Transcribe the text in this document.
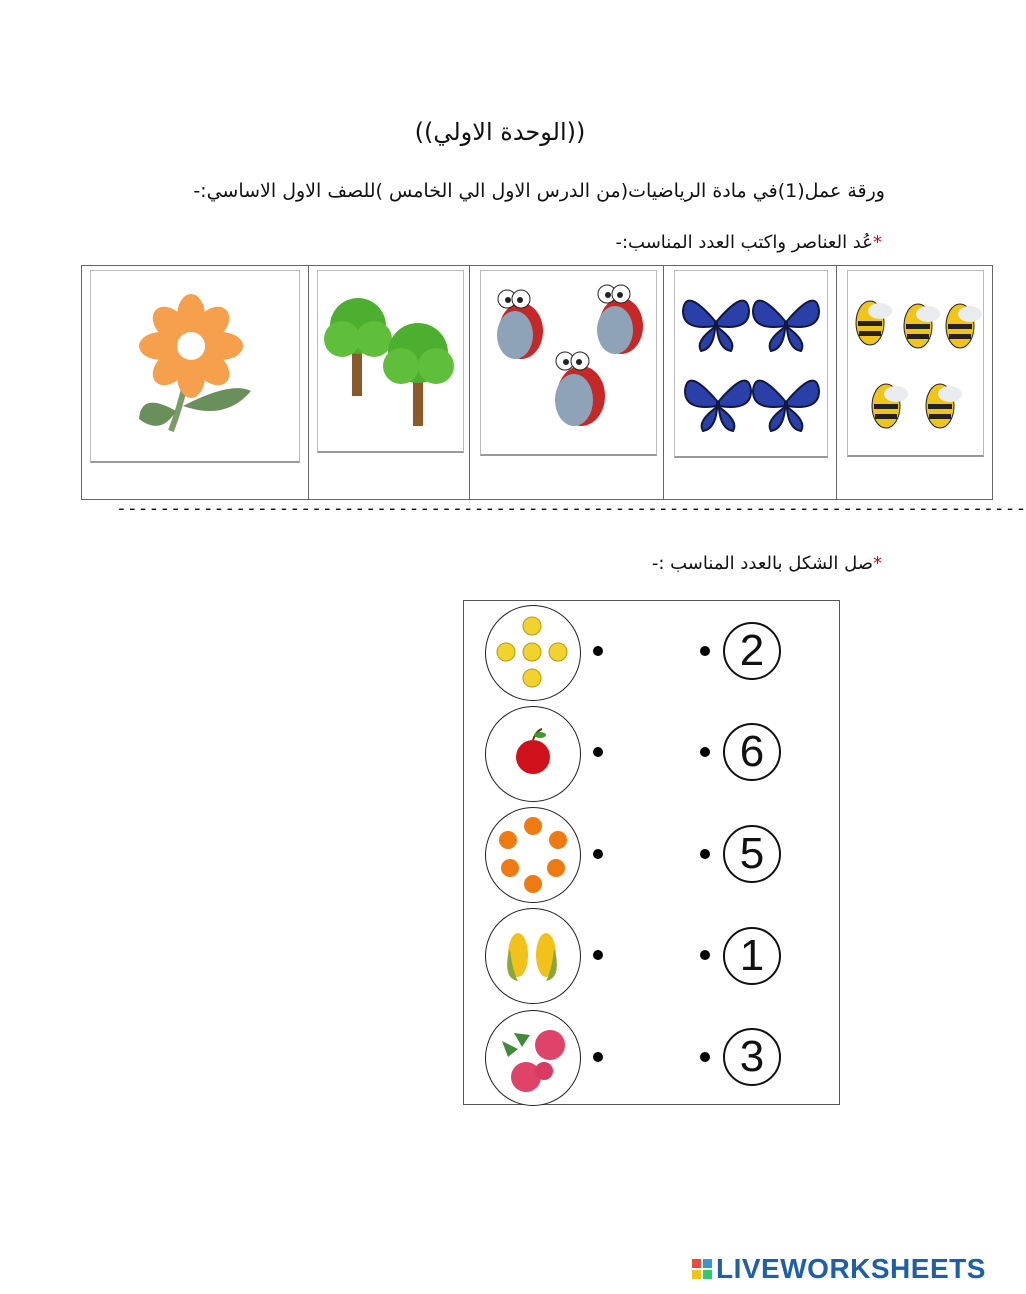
((الوحدة الاولي))
ورقة عمل(1)في مادة الرياضيات(من الدرس الاول الي الخامس )للصف الاول الاساسي:-
*عُد العناصر واكتب العدد المناسب:-
------------------------------------------------------------------------------------
*صل الشكل بالعدد المناسب :-
2
6
5
1
3
LIVEWORKSHEETS
